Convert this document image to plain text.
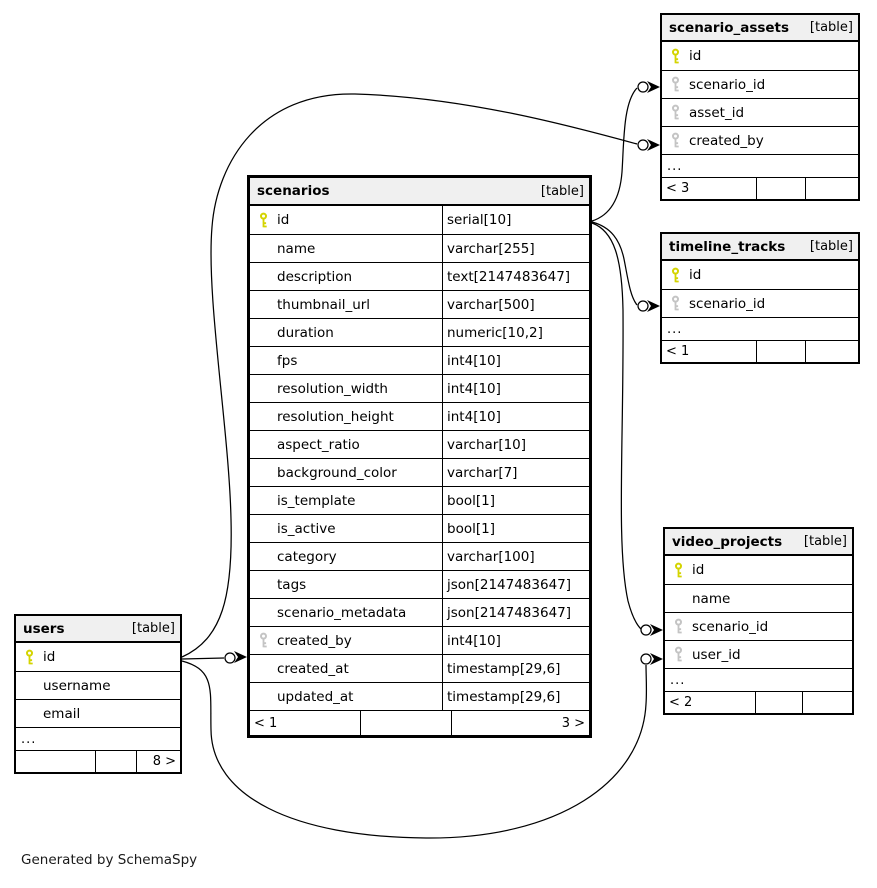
scenarios	[table]
id	serial[10]
name	varchar[255]
description	text[2147483647]
thumbnail_url	varchar[500]
duration	numeric[10,2]
fps	int4[10]
resolution_width	int4[10]
resolution_height	int4[10]
aspect_ratio	varchar[10]
background_color	varchar[7]
is_template	bool[1]
is_active	bool[1]
category	varchar[100]
tags	json[2147483647]
scenario_metadata	json[2147483647]
created_by	int4[10]
created_at	timestamp[29,6]
updated_at	timestamp[29,6]
< 1	3 >
scenario_assets [table]
id
scenario_id
asset_id
created_by
...
< 3
timeline_tracks [table]
id
scenario_id
...
< 1
video_projects [table]
id
name
scenario_id
user_id
...
< 2
users	[table]
id
username
email
...
8 >
Generated by SchemaSpy
